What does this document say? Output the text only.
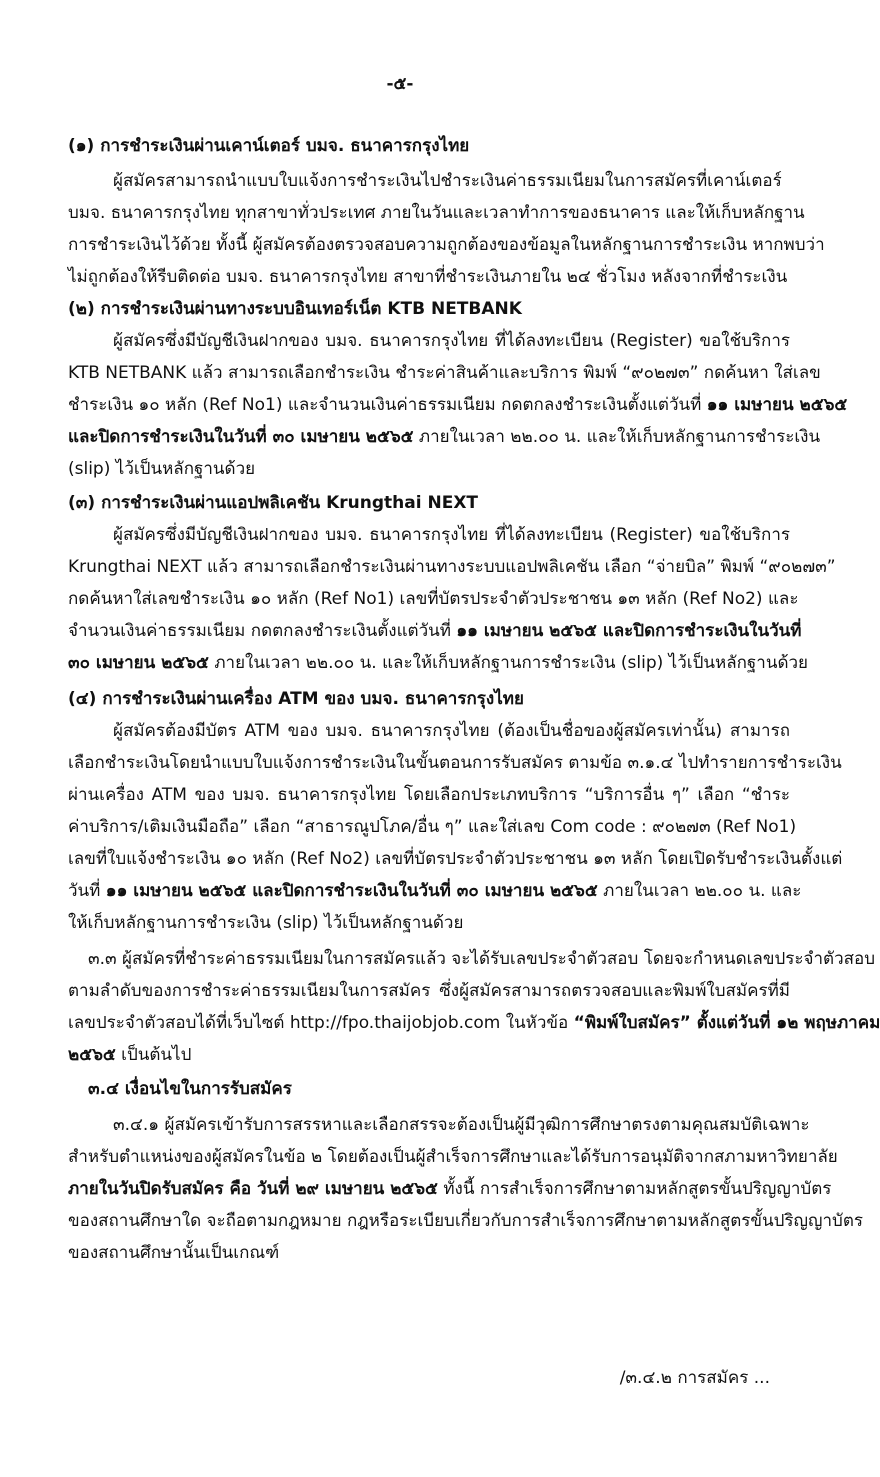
-๕-
(๑) การชำระเงินผ่านเคาน์เตอร์ บมจ. ธนาคารกรุงไทย
ผู้สมัครสามารถนำแบบใบแจ้งการชำระเงินไปชำระเงินค่าธรรมเนียมในการสมัครที่เคาน์เตอร์
บมจ. ธนาคารกรุงไทย ทุกสาขาทั่วประเทศ ภายในวันและเวลาทำการของธนาคาร และให้เก็บหลักฐาน
การชำระเงินไว้ด้วย ทั้งนี้ ผู้สมัครต้องตรวจสอบความถูกต้องของข้อมูลในหลักฐานการชำระเงิน หากพบว่า
ไม่ถูกต้องให้รีบติดต่อ บมจ. ธนาคารกรุงไทย สาขาที่ชำระเงินภายใน ๒๔ ชั่วโมง หลังจากที่ชำระเงิน
(๒) การชำระเงินผ่านทางระบบอินเทอร์เน็ต KTB NETBANK
ผู้สมัครซึ่งมีบัญชีเงินฝากของ บมจ. ธนาคารกรุงไทย ที่ได้ลงทะเบียน (Register) ขอใช้บริการ
KTB NETBANK แล้ว สามารถเลือกชำระเงิน ชำระค่าสินค้าและบริการ พิมพ์ “๙๐๒๗๓” กดค้นหา ใส่เลข
ชำระเงิน ๑๐ หลัก (Ref No1) และจำนวนเงินค่าธรรมเนียม กดตกลงชำระเงินตั้งแต่วันที่ ๑๑ เมษายน ๒๕๖๕
และปิดการชำระเงินในวันที่ ๓๐ เมษายน ๒๕๖๕ ภายในเวลา ๒๒.๐๐ น. และให้เก็บหลักฐานการชำระเงิน
(slip) ไว้เป็นหลักฐานด้วย
(๓) การชำระเงินผ่านแอปพลิเคชัน Krungthai NEXT
ผู้สมัครซึ่งมีบัญชีเงินฝากของ บมจ. ธนาคารกรุงไทย ที่ได้ลงทะเบียน (Register) ขอใช้บริการ
Krungthai NEXT แล้ว สามารถเลือกชำระเงินผ่านทางระบบแอปพลิเคชัน เลือก “จ่ายบิล” พิมพ์ “๙๐๒๗๓”
กดค้นหาใส่เลขชำระเงิน ๑๐ หลัก (Ref No1) เลขที่บัตรประจำตัวประชาชน ๑๓ หลัก (Ref No2) และ
จำนวนเงินค่าธรรมเนียม กดตกลงชำระเงินตั้งแต่วันที่ ๑๑ เมษายน ๒๕๖๕ และปิดการชำระเงินในวันที่
๓๐ เมษายน ๒๕๖๕ ภายในเวลา ๒๒.๐๐ น. และให้เก็บหลักฐานการชำระเงิน (slip) ไว้เป็นหลักฐานด้วย
(๔) การชำระเงินผ่านเครื่อง ATM ของ บมจ. ธนาคารกรุงไทย
ผู้สมัครต้องมีบัตร ATM ของ บมจ. ธนาคารกรุงไทย (ต้องเป็นชื่อของผู้สมัครเท่านั้น) สามารถ
เลือกชำระเงินโดยนำแบบใบแจ้งการชำระเงินในขั้นตอนการรับสมัคร ตามข้อ ๓.๑.๔ ไปทำรายการชำระเงิน
ผ่านเครื่อง ATM ของ บมจ. ธนาคารกรุงไทย โดยเลือกประเภทบริการ “บริการอื่น ๆ” เลือก “ชำระ
ค่าบริการ/เติมเงินมือถือ” เลือก “สาธารณูปโภค/อื่น ๆ” และใส่เลข Com code : ๙๐๒๗๓ (Ref No1)
เลขที่ใบแจ้งชำระเงิน ๑๐ หลัก (Ref No2) เลขที่บัตรประจำตัวประชาชน ๑๓ หลัก โดยเปิดรับชำระเงินตั้งแต่
วันที่ ๑๑ เมษายน ๒๕๖๕ และปิดการชำระเงินในวันที่ ๓๐ เมษายน ๒๕๖๕ ภายในเวลา ๒๒.๐๐ น. และ
ให้เก็บหลักฐานการชำระเงิน (slip) ไว้เป็นหลักฐานด้วย
๓.๓ ผู้สมัครที่ชำระค่าธรรมเนียมในการสมัครแล้ว จะได้รับเลขประจำตัวสอบ โดยจะกำหนดเลขประจำตัวสอบ
ตามลำดับของการชำระค่าธรรมเนียมในการสมัคร ซึ่งผู้สมัครสามารถตรวจสอบและพิมพ์ใบสมัครที่มี
เลขประจำตัวสอบได้ที่เว็บไซต์ http://fpo.thaijobjob.com ในหัวข้อ “พิมพ์ใบสมัคร” ตั้งแต่วันที่ ๑๒ พฤษภาคม
๒๕๖๕ เป็นต้นไป
๓.๔ เงื่อนไขในการรับสมัคร
๓.๔.๑ ผู้สมัครเข้ารับการสรรหาและเลือกสรรจะต้องเป็นผู้มีวุฒิการศึกษาตรงตามคุณสมบัติเฉพาะ
สำหรับตำแหน่งของผู้สมัครในข้อ ๒ โดยต้องเป็นผู้สำเร็จการศึกษาและได้รับการอนุมัติจากสภามหาวิทยาลัย
ภายในวันปิดรับสมัคร คือ วันที่ ๒๙ เมษายน ๒๕๖๕ ทั้งนี้ การสำเร็จการศึกษาตามหลักสูตรขั้นปริญญาบัตร
ของสถานศึกษาใด จะถือตามกฎหมาย กฎหรือระเบียบเกี่ยวกับการสำเร็จการศึกษาตามหลักสูตรขั้นปริญญาบัตร
ของสถานศึกษานั้นเป็นเกณฑ์
/๓.๔.๒ การสมัคร ...
